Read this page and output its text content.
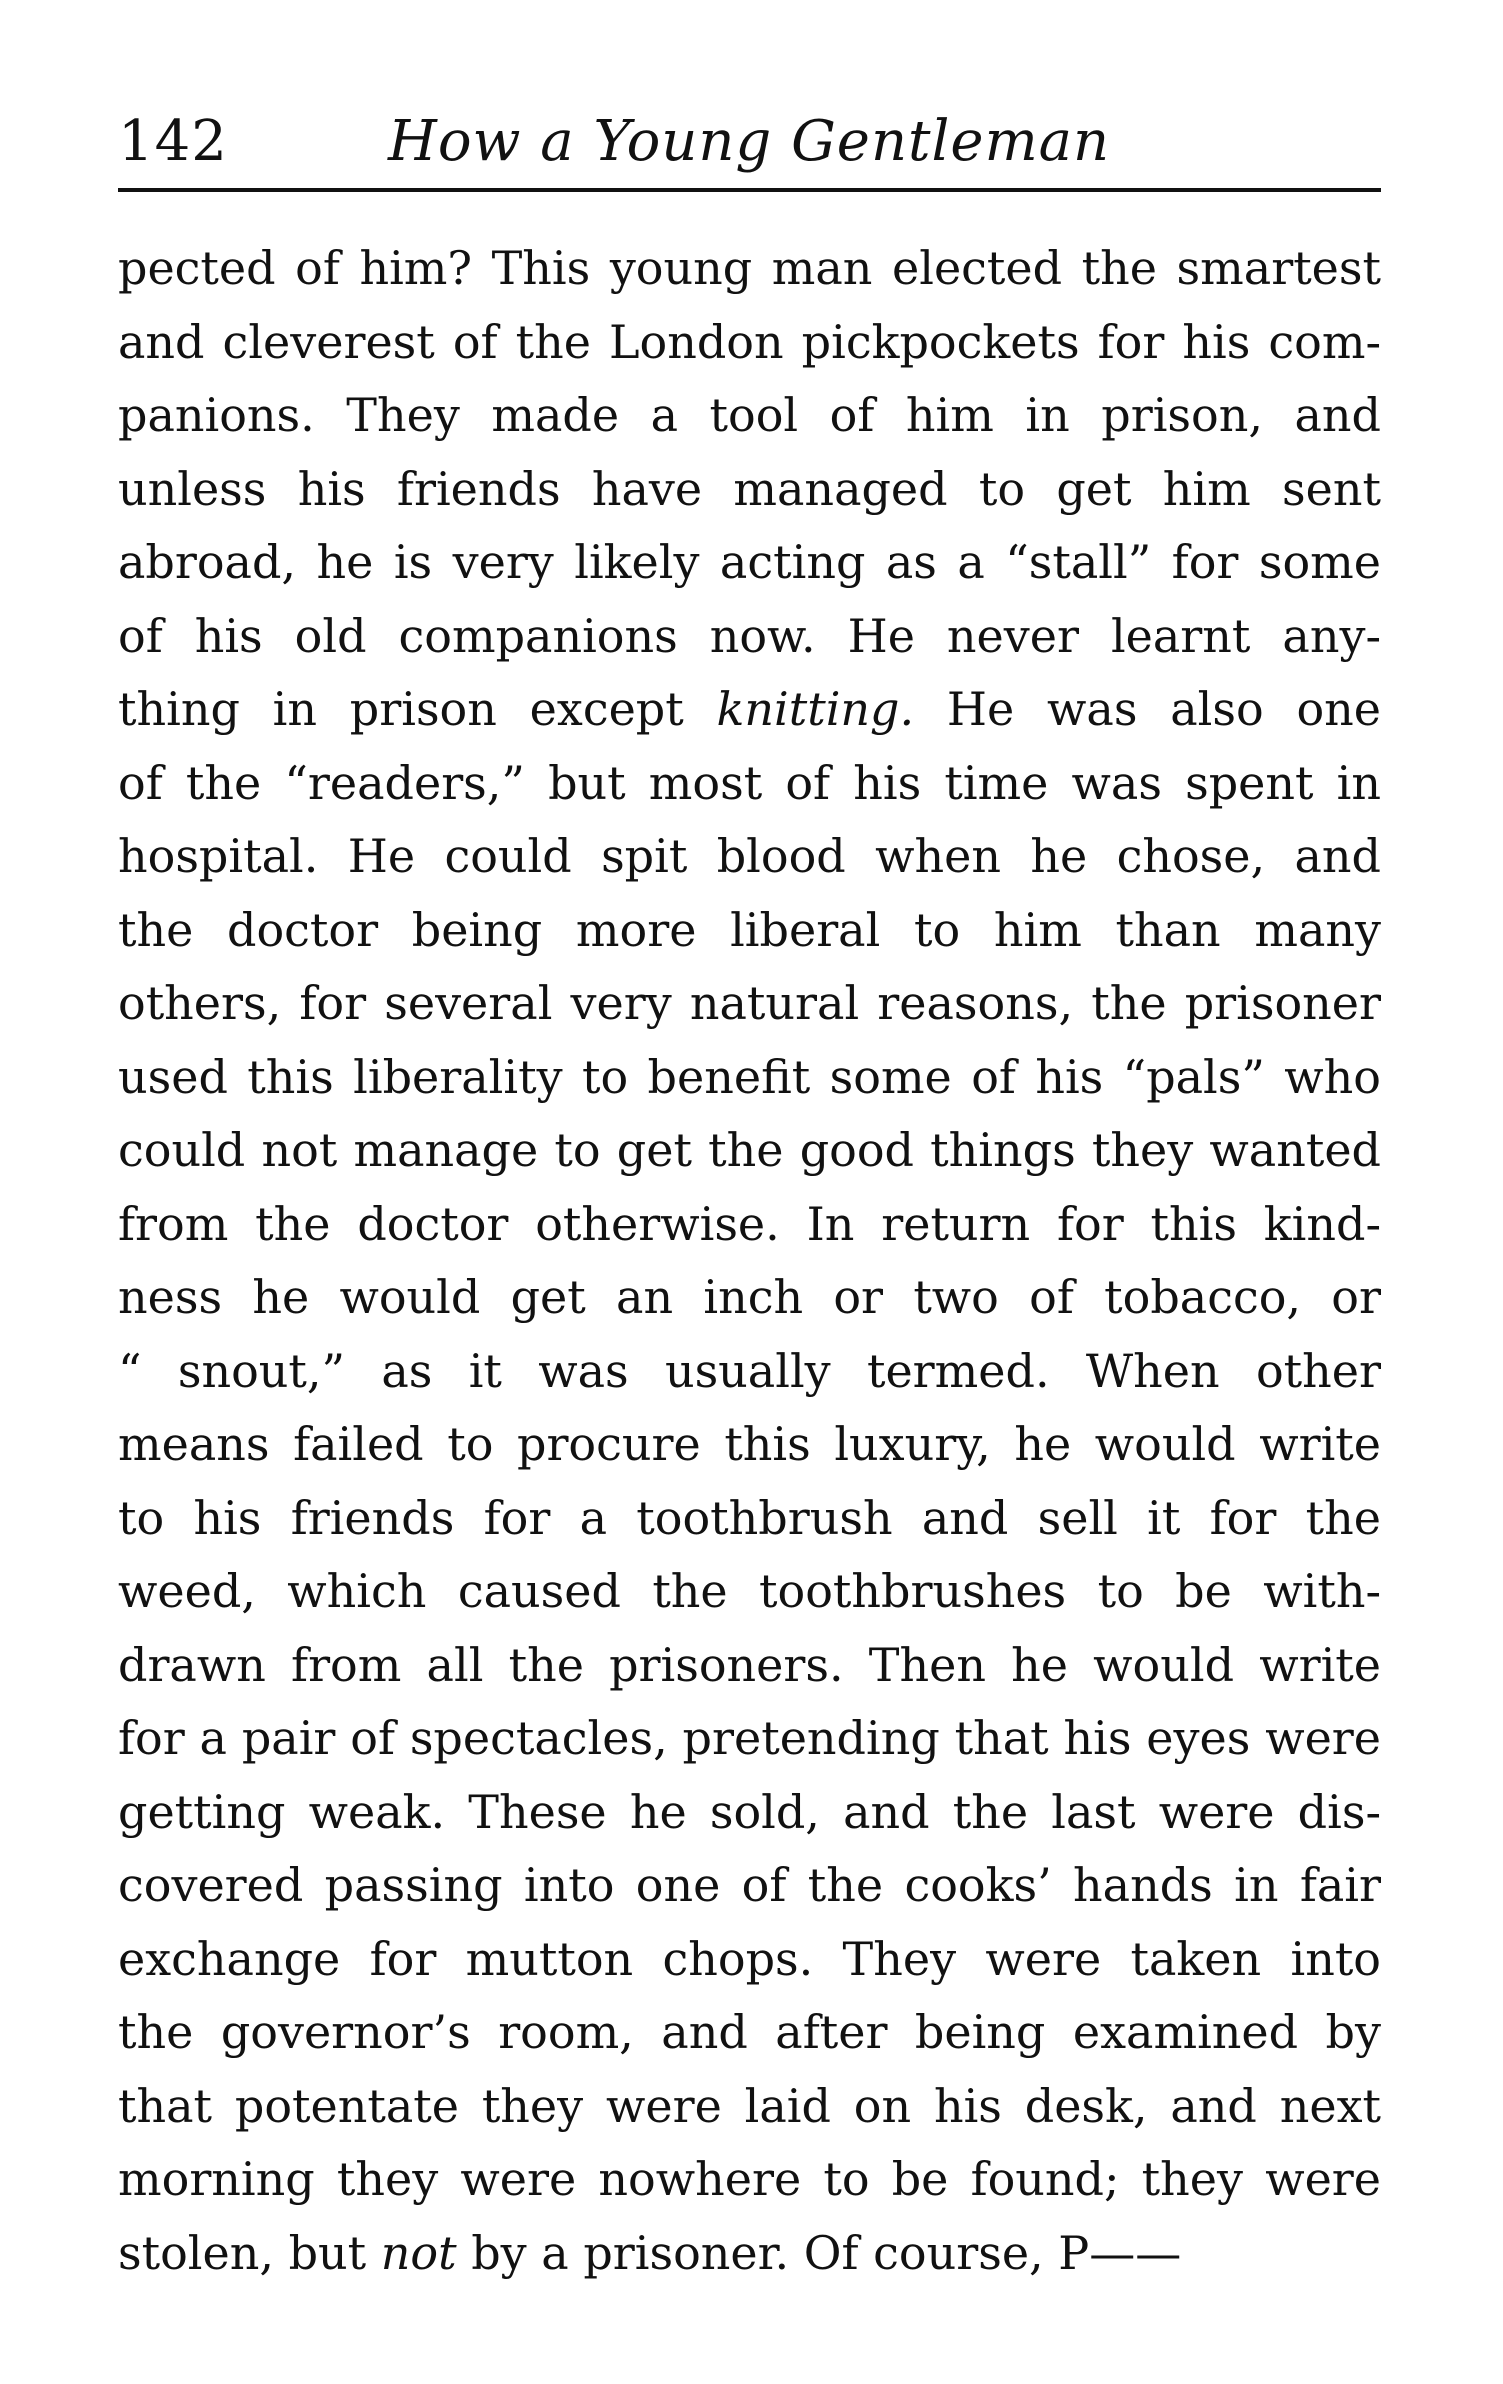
142	How a Young Gentleman
pected of him? This young man elected the smartest
and cleverest of the London pickpockets for his com-
panions. They made a tool of him in prison, and
unless his friends have managed to get him sent
abroad, he is very likely acting as a “stall” for some
of his old companions now. He never learnt any-
thing in prison except knitting. He was also one
of the “readers,” but most of his time was spent in
hospital. He could spit blood when he chose, and
the doctor being more liberal to him than many
others, for several very natural reasons, the prisoner
used this liberality to benefit some of his “pals” who
could not manage to get the good things they wanted
from the doctor otherwise. In return for this kind-
ness he would get an inch or two of tobacco, or
“ snout,” as it was usually termed. When other
means failed to procure this luxury, he would write
to his friends for a toothbrush and sell it for the
weed, which caused the toothbrushes to be with-
drawn from all the prisoners. Then he would write
for a pair of spectacles, pretending that his eyes were
getting weak. These he sold, and the last were dis-
covered passing into one of the cooks’ hands in fair
exchange for mutton chops. They were taken into
the governor’s room, and after being examined by
that potentate they were laid on his desk, and next
morning they were nowhere to be found; they were
stolen, but not by a prisoner. Of course, P——
